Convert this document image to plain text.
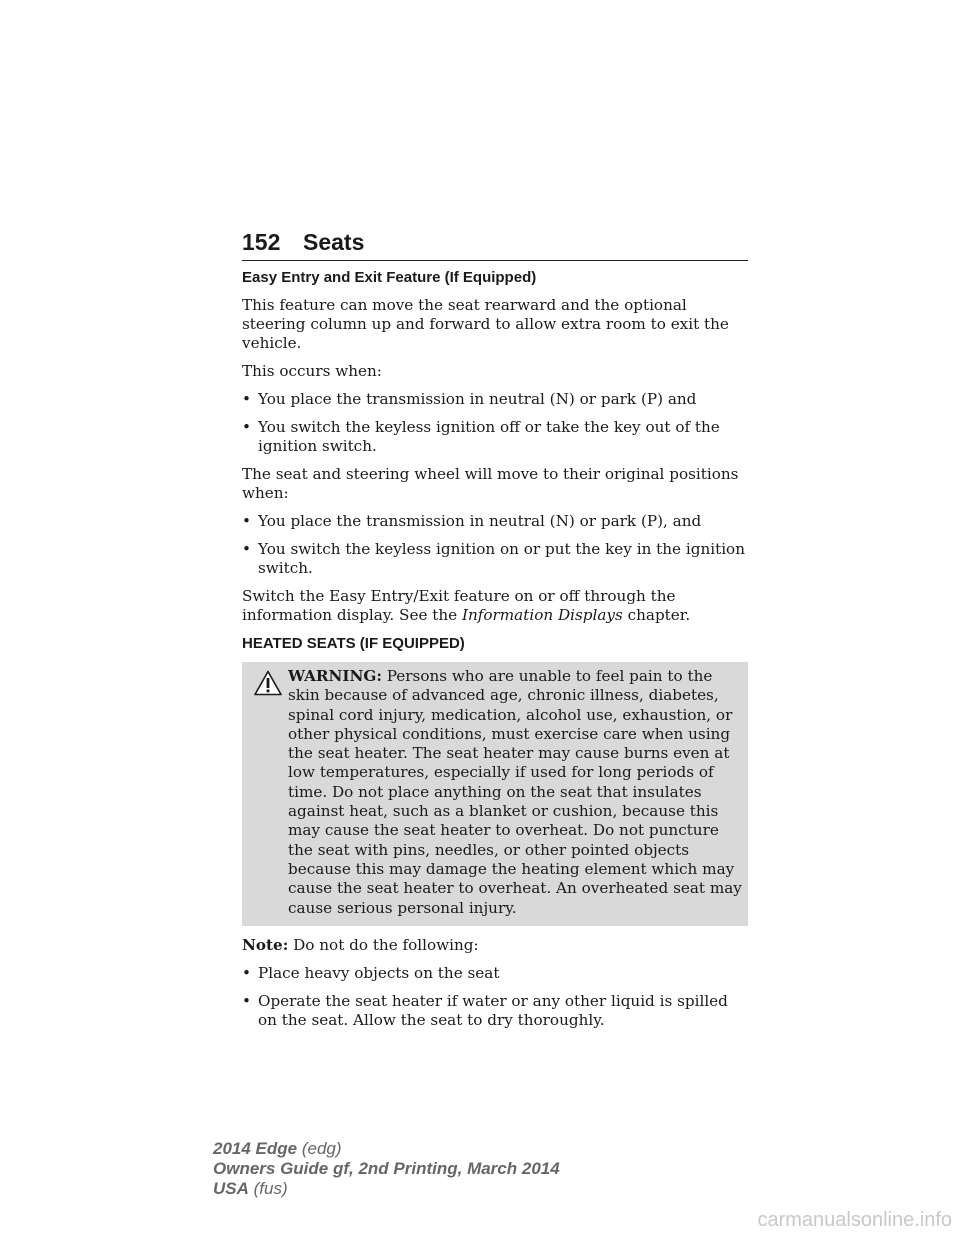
152 Seats
Easy Entry and Exit Feature (If Equipped)

This feature can move the seat rearward and the optional steering column up and forward to allow extra room to exit the vehicle.

This occurs when:

• You place the transmission in neutral (N) or park (P) and
• You switch the keyless ignition off or take the key out of the ignition switch.

The seat and steering wheel will move to their original positions when:

• You place the transmission in neutral (N) or park (P), and
• You switch the keyless ignition on or put the key in the ignition switch.

Switch the Easy Entry/Exit feature on or off through the information display. See the Information Displays chapter.

HEATED SEATS (IF EQUIPPED)
WARNING: Persons who are unable to feel pain to the skin because of advanced age, chronic illness, diabetes, spinal cord injury, medication, alcohol use, exhaustion, or other physical conditions, must exercise care when using the seat heater. The seat heater may cause burns even at low temperatures, especially if used for long periods of time. Do not place anything on the seat that insulates against heat, such as a blanket or cushion, because this may cause the seat heater to overheat. Do not puncture the seat with pins, needles, or other pointed objects because this may damage the heating element which may cause the seat heater to overheat. An overheated seat may cause serious personal injury.

Note: Do not do the following:

• Place heavy objects on the seat
• Operate the seat heater if water or any other liquid is spilled on the seat. Allow the seat to dry thoroughly.
2014 Edge (edg)
Owners Guide gf, 2nd Printing, March 2014
USA (fus)
carmanualsonline.info
